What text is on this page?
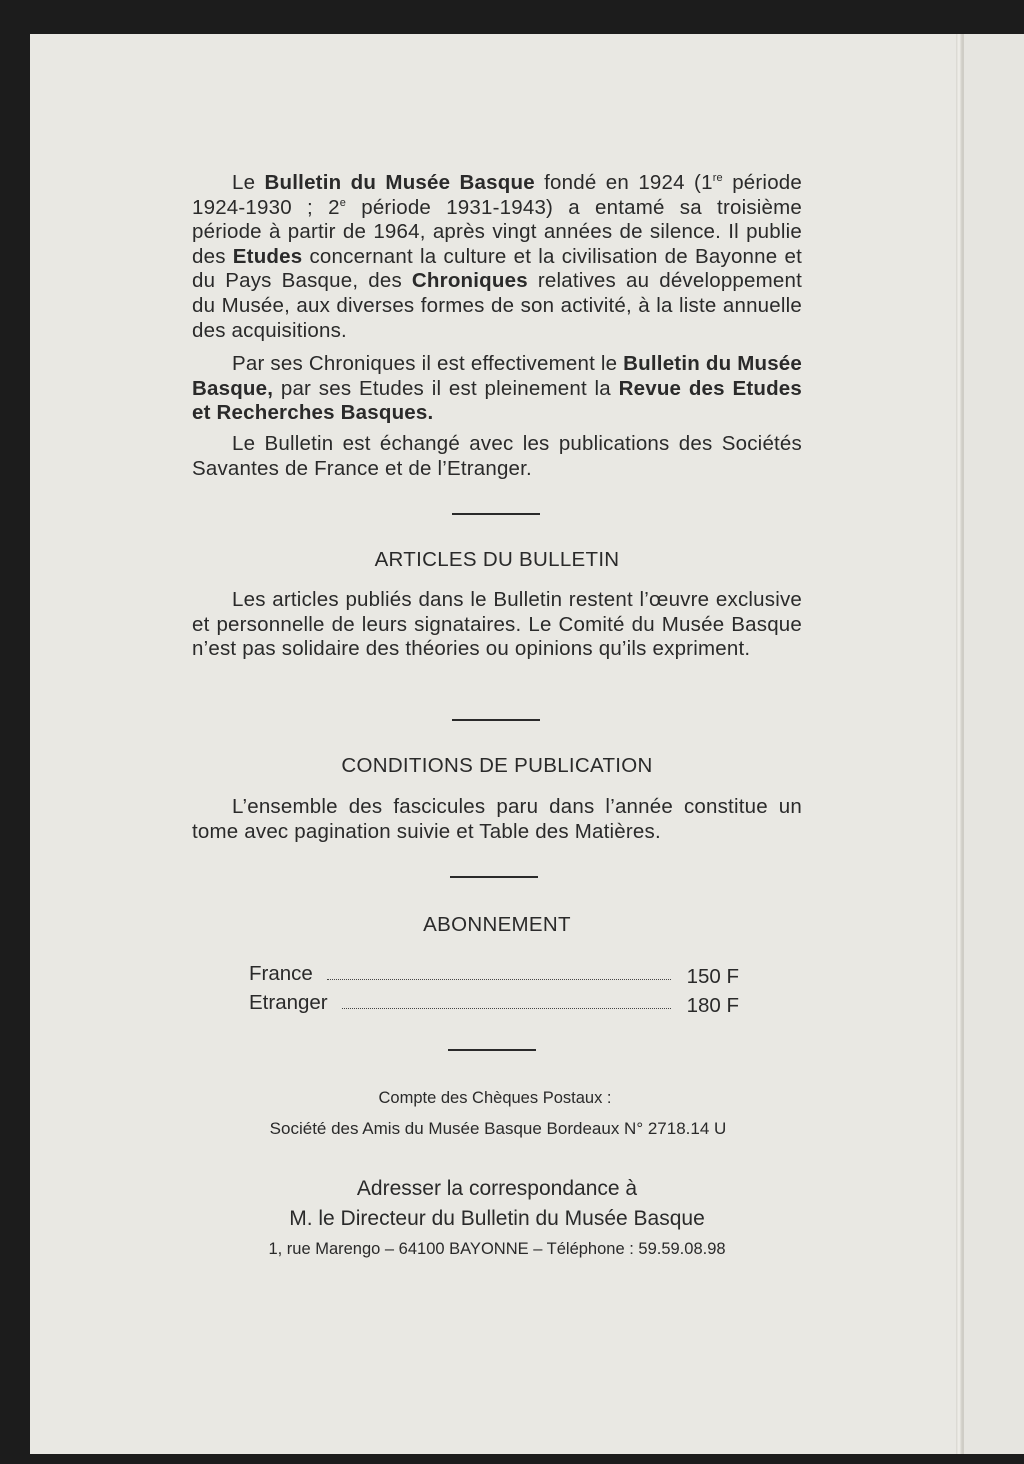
Le Bulletin du Musée Basque fondé en 1924 (1re période 1924-1930 ; 2e période 1931-1943) a entamé sa troisième période à partir de 1964, après vingt années de silence. Il publie des Etudes concernant la culture et la civilisation de Bayonne et du Pays Basque, des Chroniques relatives au développement du Musée, aux diverses formes de son activité, à la liste annuelle des acquisitions.

Par ses Chroniques il est effectivement le Bulletin du Musée Basque, par ses Etudes il est pleinement la Revue des Etudes et Recherches Basques.

Le Bulletin est échangé avec les publications des Sociétés Savantes de France et de l’Etranger.

ARTICLES DU BULLETIN

Les articles publiés dans le Bulletin restent l’œuvre exclusive et personnelle de leurs signataires. Le Comité du Musée Basque n’est pas solidaire des théories ou opinions qu’ils expriment.

CONDITIONS DE PUBLICATION

L’ensemble des fascicules paru dans l’année constitue un tome avec pagination suivie et Table des Matières.

ABONNEMENT

France	150 F
Etranger	180 F

Compte des Chèques Postaux :

Société des Amis du Musée Basque Bordeaux N° 2718.14 U

Adresser la correspondance à

M. le Directeur du Bulletin du Musée Basque

1, rue Marengo – 64100 BAYONNE – Téléphone : 59.59.08.98
